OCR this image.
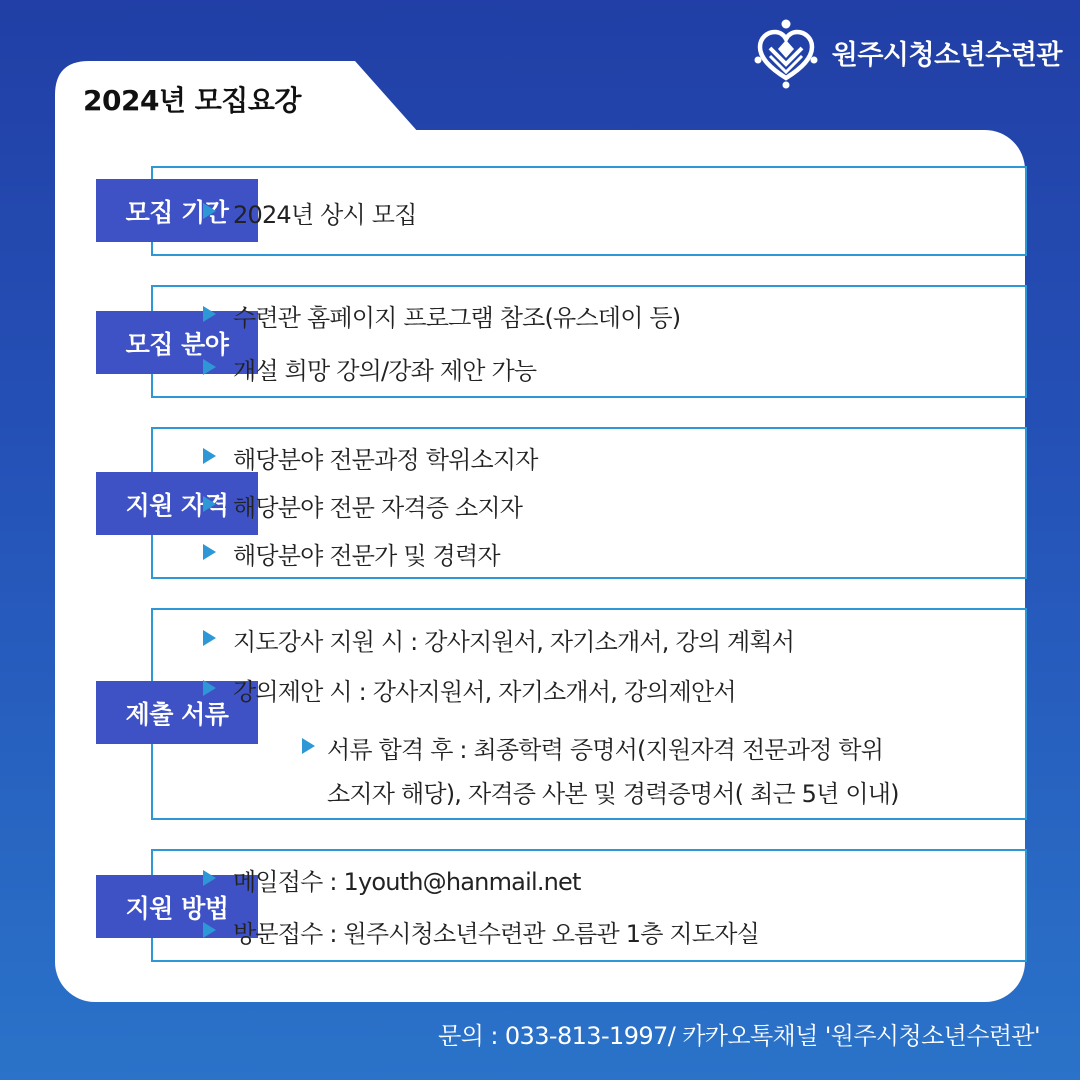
원주시청소년수련관
2024년 모집요강
모집 기간 2024년 상시 모집
모집 분야
수련관 홈페이지 프로그램 참조(유스데이 등)
개설 희망 강의/강좌 제안 가능
지원 자격
해당분야 전문과정 학위소지자
해당분야 전문 자격증 소지자
해당분야 전문가 및 경력자
제출 서류
지도강사 지원 시 : 강사지원서, 자기소개서, 강의 계획서
강의제안 시 : 강사지원서, 자기소개서, 강의제안서
서류 합격 후 : 최종학력 증명서(지원자격 전문과정 학위
소지자 해당), 자격증 사본 및 경력증명서( 최근 5년 이내)
지원 방법
메일접수 : 1youth@hanmail.net
방문접수 : 원주시청소년수련관 오름관 1층 지도자실
문의 : 033-813-1997/ 카카오톡채널 '원주시청소년수련관'
